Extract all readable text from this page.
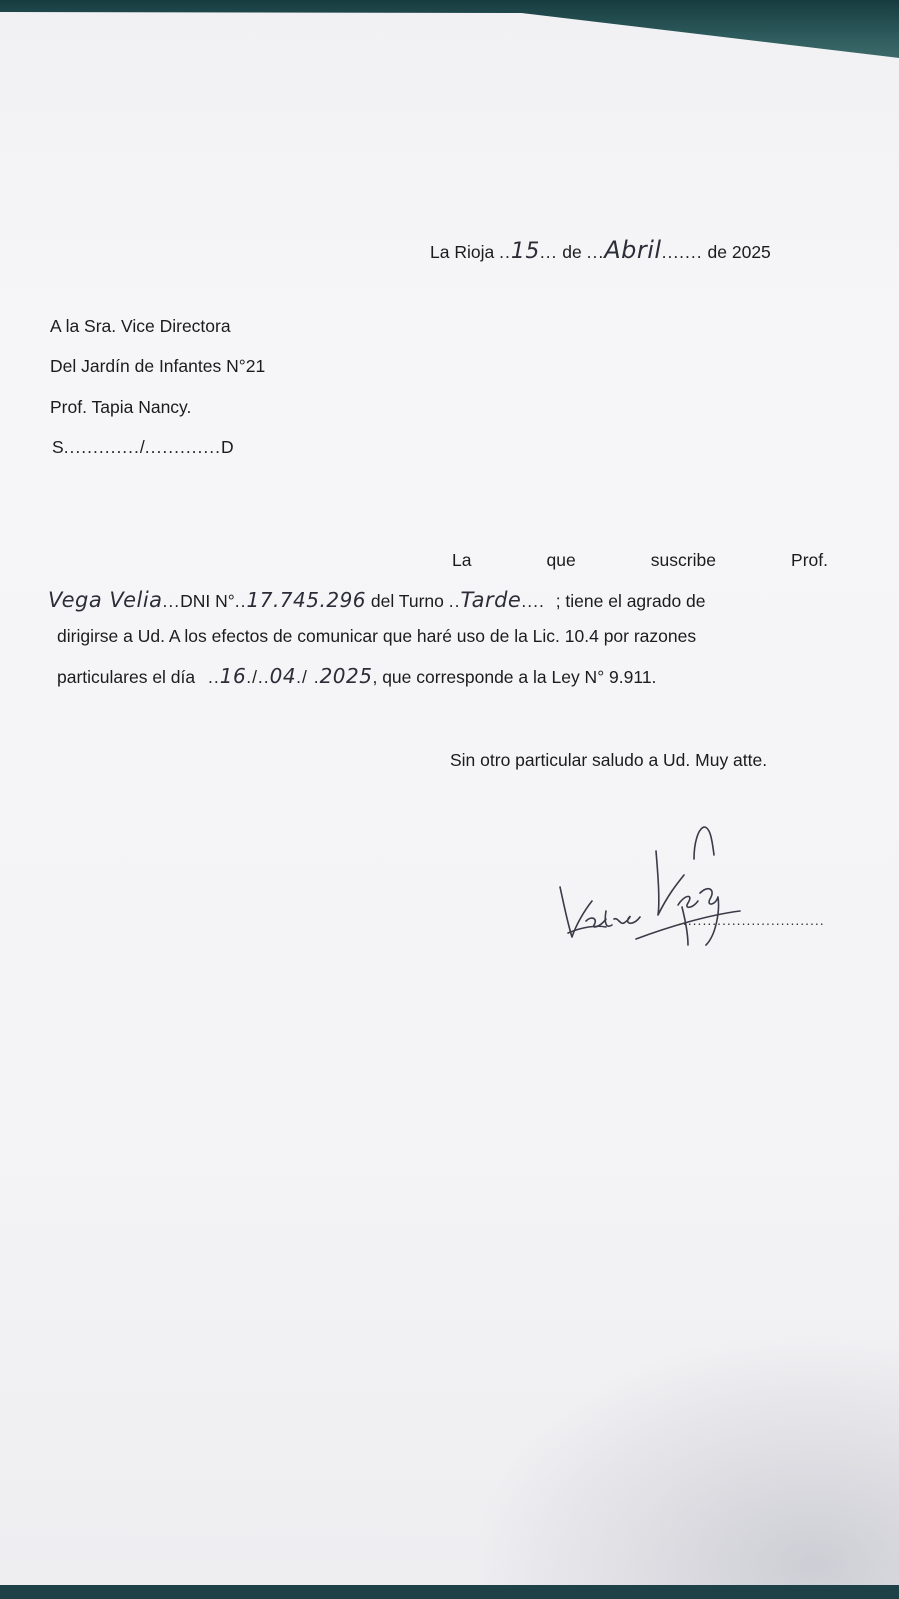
La Rioja ..15... de ...Abril....... de 2025
A la Sra. Vice Directora
Del Jardín de Infantes N°21
Prof. Tapia Nancy.
S............./.............D
La	que	suscribe	Prof.
Vega Velia...DNI N°..17.745.296 del Turno ..Tarde.... ; tiene el agrado de
dirigirse a Ud. A los efectos de comunicar que haré uso de la Lic. 10.4 por razones
particulares el día ..16./..04./ .2025, que corresponde a la Ley N° 9.911.
Sin otro particular saludo a Ud. Muy atte.
..............................
